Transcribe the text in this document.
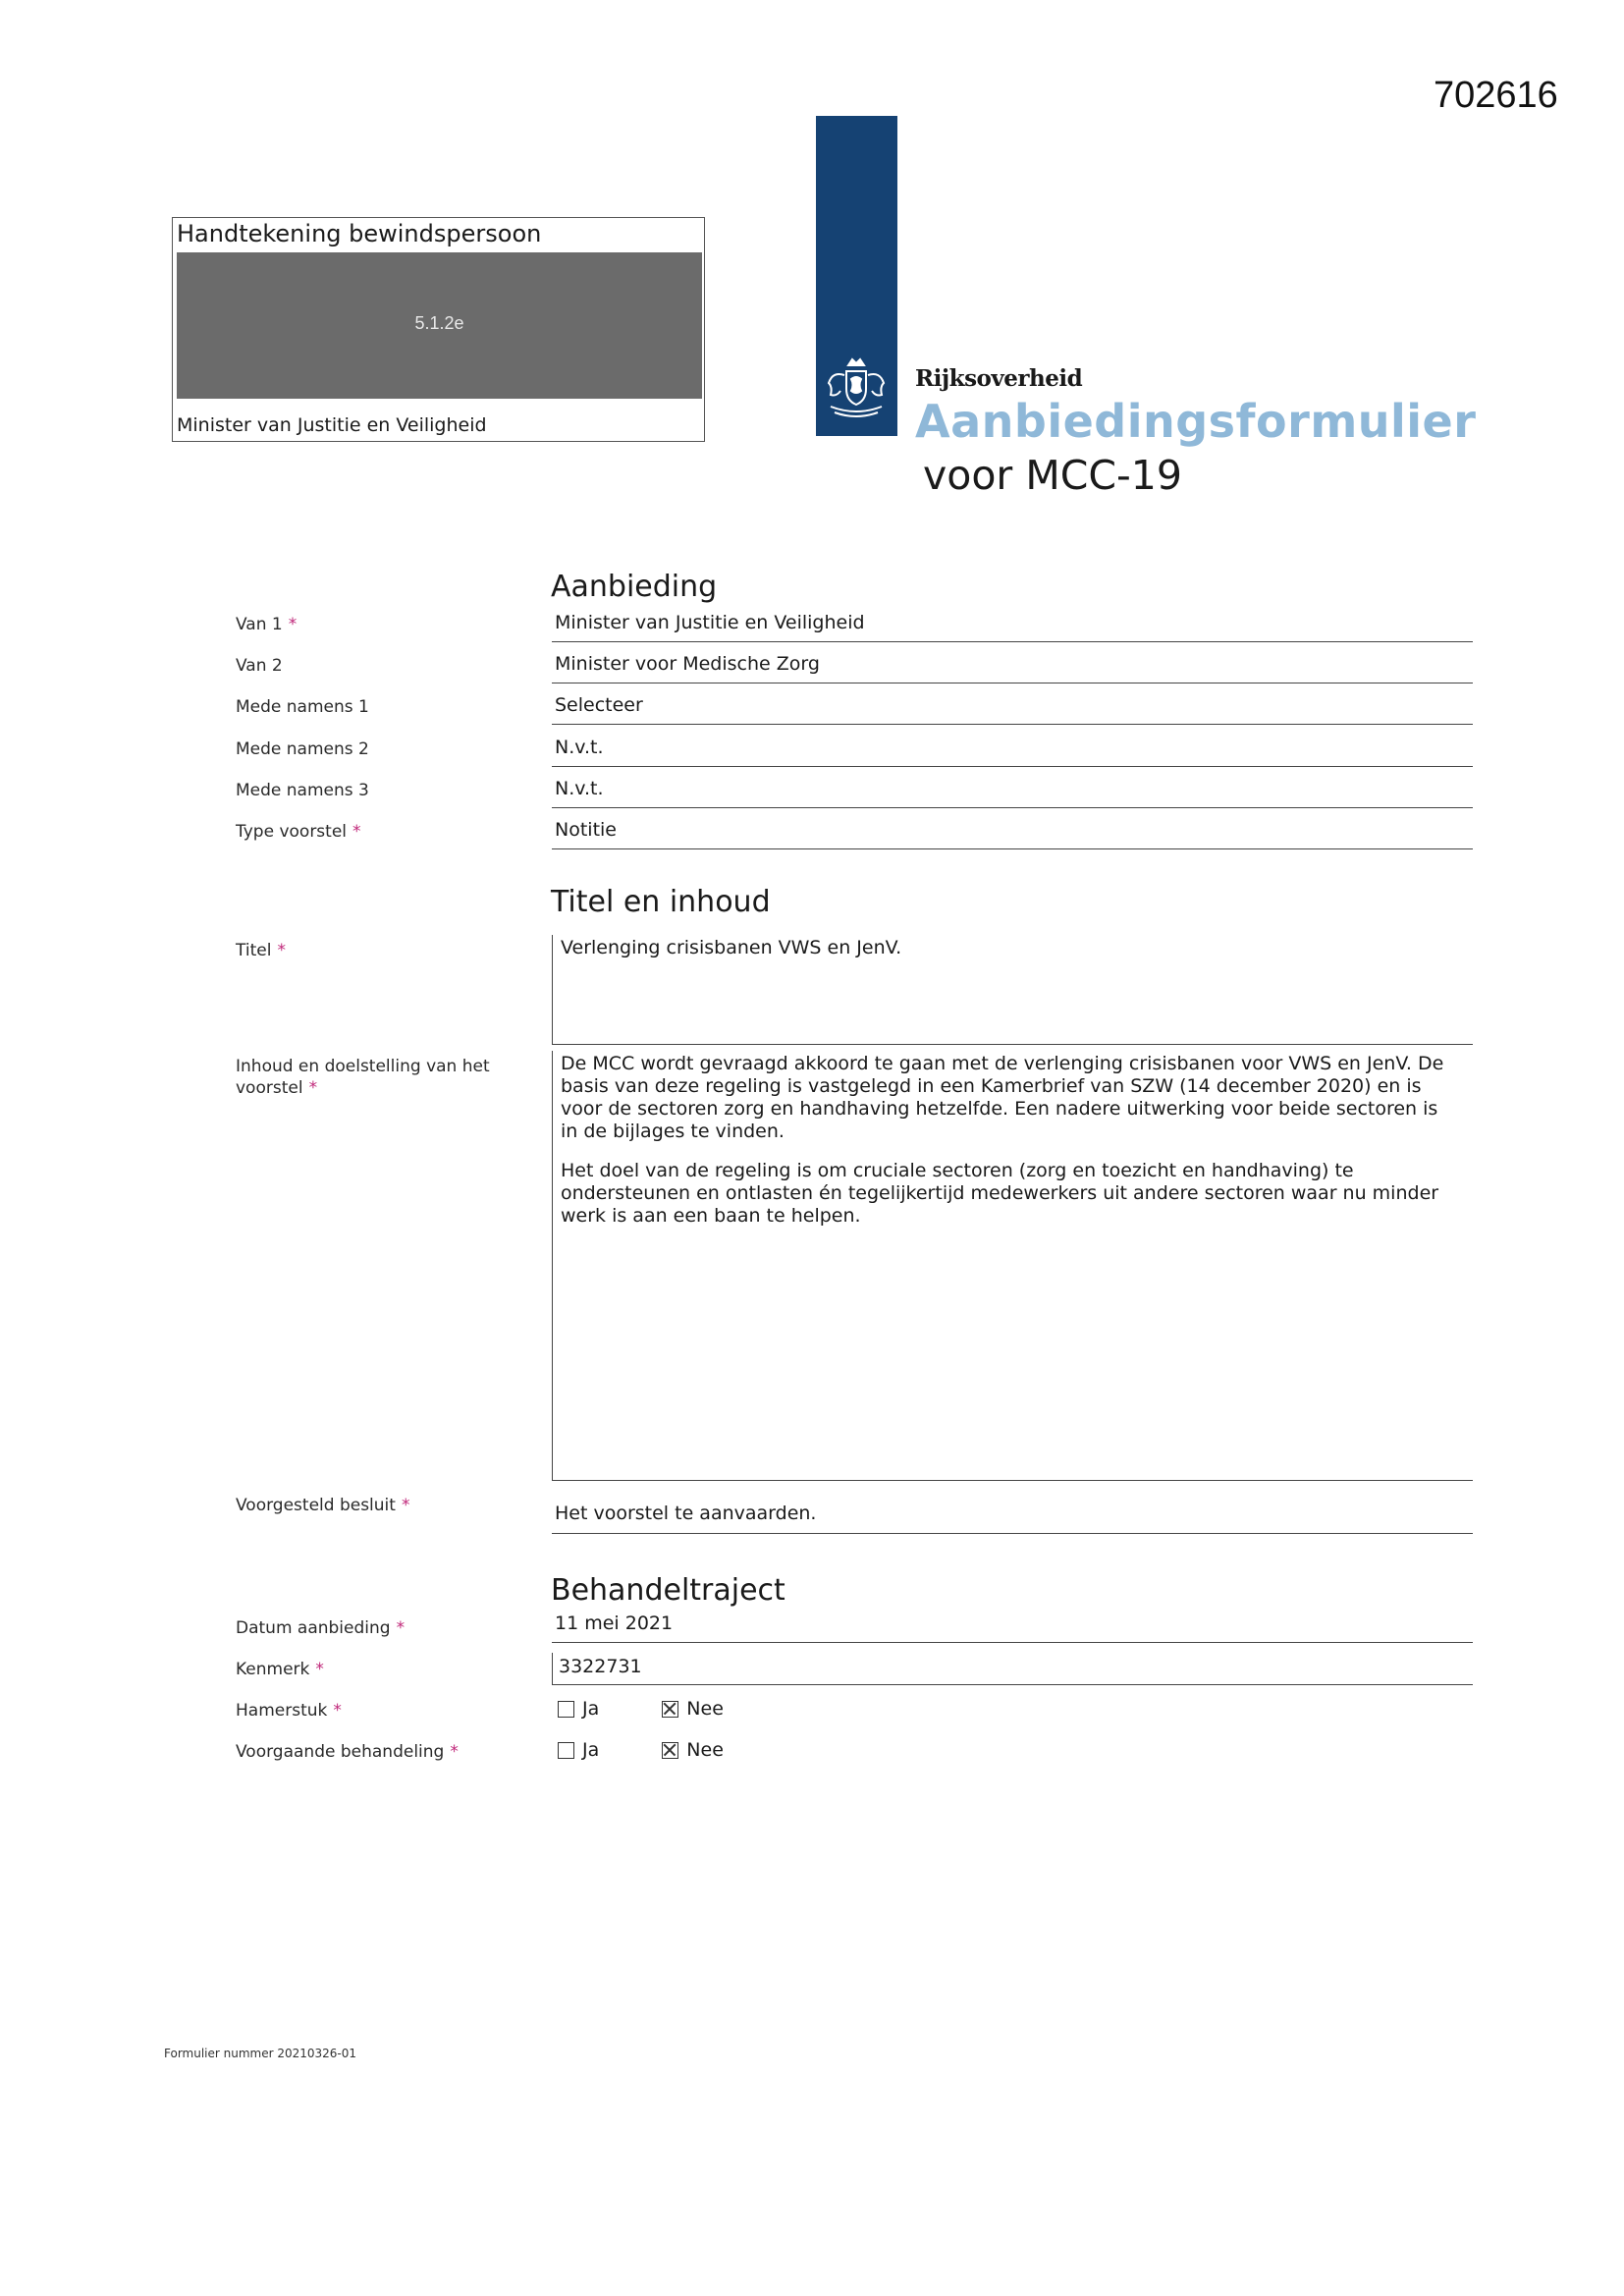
702616
Handtekening bewindspersoon
5.1.2e
Minister van Justitie en Veiligheid
Rijksoverheid
Aanbiedingsformulier
voor MCC-19
Aanbieding
Van 1 *	Minister van Justitie en Veiligheid
Van 2	Minister voor Medische Zorg
Mede namens 1	Selecteer
Mede namens 2	N.v.t.
Mede namens 3	N.v.t.
Type voorstel *	Notitie
Titel en inhoud
Titel *	Verlenging crisisbanen VWS en JenV.
Inhoud en doelstelling van het
voorstel *

De MCC wordt gevraagd akkoord te gaan met de verlenging crisisbanen voor VWS en JenV. De basis van deze regeling is vastgelegd in een Kamerbrief van SZW (14 december 2020) en is voor de sectoren zorg en handhaving hetzelfde. Een nadere uitwerking voor beide sectoren is in de bijlages te vinden.

Het doel van de regeling is om cruciale sectoren (zorg en toezicht en handhaving) te ondersteunen en ontlasten én tegelijkertijd medewerkers uit andere sectoren waar nu minder werk is aan een baan te helpen.

Voorgesteld besluit *	Het voorstel te aanvaarden.
Behandeltraject
Datum aanbieding *	11 mei 2021
Kenmerk *	3322731
Hamerstuk *	Ja	Nee
Voorgaande behandeling *	Ja	Nee
Formulier nummer 20210326-01
